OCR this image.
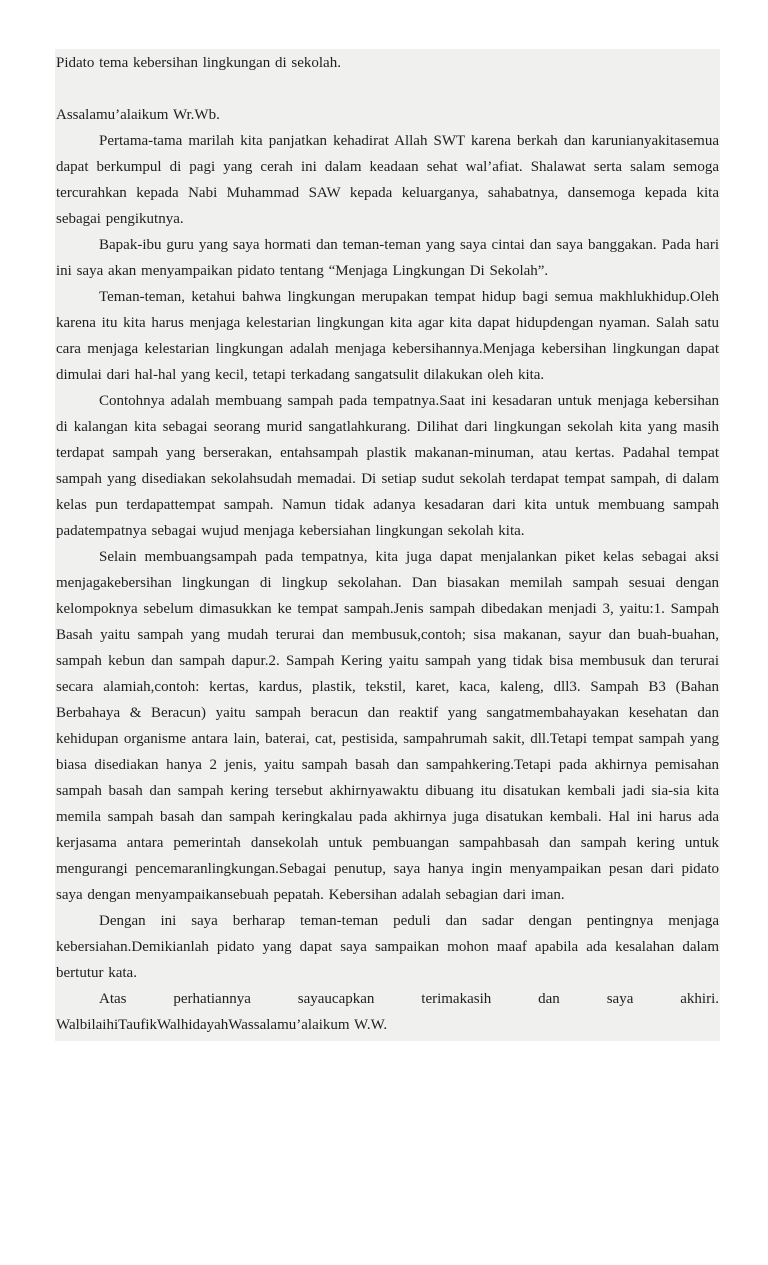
Pidato tema kebersihan lingkungan di sekolah.

Assalamu’alaikum Wr.Wb.

Pertama-tama marilah kita panjatkan kehadirat Allah SWT karena berkah dan karunianyakitasemua dapat berkumpul di pagi yang cerah ini dalam keadaan sehat wal’afiat. Shalawat serta salam semoga tercurahkan kepada Nabi Muhammad SAW kepada keluarganya, sahabatnya, dansemoga kepada kita sebagai pengikutnya.

Bapak-ibu guru yang saya hormati dan teman-teman yang saya cintai dan saya banggakan. Pada hari ini saya akan menyampaikan pidato tentang “Menjaga Lingkungan Di Sekolah”.

Teman-teman, ketahui bahwa lingkungan merupakan tempat hidup bagi semua makhlukhidup.Oleh karena itu kita harus menjaga kelestarian lingkungan kita agar kita dapat hidupdengan nyaman. Salah satu cara menjaga kelestarian lingkungan adalah menjaga kebersihannya.Menjaga kebersihan lingkungan dapat dimulai dari hal-hal yang kecil, tetapi terkadang sangatsulit dilakukan oleh kita.

Contohnya adalah membuang sampah pada tempatnya.Saat ini kesadaran untuk menjaga kebersihan di kalangan kita sebagai seorang murid sangatlahkurang. Dilihat dari lingkungan sekolah kita yang masih terdapat sampah yang berserakan, entahsampah plastik makanan-minuman, atau kertas. Padahal tempat sampah yang disediakan sekolahsudah memadai. Di setiap sudut sekolah terdapat tempat sampah, di dalam kelas pun terdapattempat sampah. Namun tidak adanya kesadaran dari kita untuk membuang sampah padatempatnya sebagai wujud menjaga kebersiahan lingkungan sekolah kita.

Selain membuangsampah pada tempatnya, kita juga dapat menjalankan piket kelas sebagai aksi menjagakebersihan lingkungan di lingkup sekolahan. Dan biasakan memilah sampah sesuai dengan kelompoknya sebelum dimasukkan ke tempat sampah.Jenis sampah dibedakan menjadi 3, yaitu:1. Sampah Basah yaitu sampah yang mudah terurai dan membusuk,contoh; sisa makanan, sayur dan buah-buahan, sampah kebun dan sampah dapur.2. Sampah Kering yaitu sampah yang tidak bisa membusuk dan terurai secara alamiah,contoh: kertas, kardus, plastik, tekstil, karet, kaca, kaleng, dll3. Sampah B3 (Bahan Berbahaya & Beracun) yaitu sampah beracun dan reaktif yang sangatmembahayakan kesehatan dan kehidupan organisme antara lain, baterai, cat, pestisida, sampahrumah sakit, dll.Tetapi tempat sampah yang biasa disediakan hanya 2 jenis, yaitu sampah basah dan sampahkering.Tetapi pada akhirnya pemisahan sampah basah dan sampah kering tersebut akhirnyawaktu dibuang itu disatukan kembali jadi sia-sia kita memila sampah basah dan sampah keringkalau pada akhirnya juga disatukan kembali. Hal ini harus ada kerjasama antara pemerintah dansekolah untuk pembuangan sampahbasah dan sampah kering untuk mengurangi pencemaranlingkungan.Sebagai penutup, saya hanya ingin menyampaikan pesan dari pidato saya dengan menyampaikansebuah pepatah. Kebersihan adalah sebagian dari iman.

Dengan ini saya berharap teman-teman peduli dan sadar dengan pentingnya menjaga kebersiahan.Demikianlah pidato yang dapat saya sampaikan mohon maaf apabila ada kesalahan dalam bertutur kata.

Atas perhatiannya sayaucapkan terimakasih dan saya akhiri. WalbilaihiTaufikWalhidayahWassalamu’alaikum W.W.
